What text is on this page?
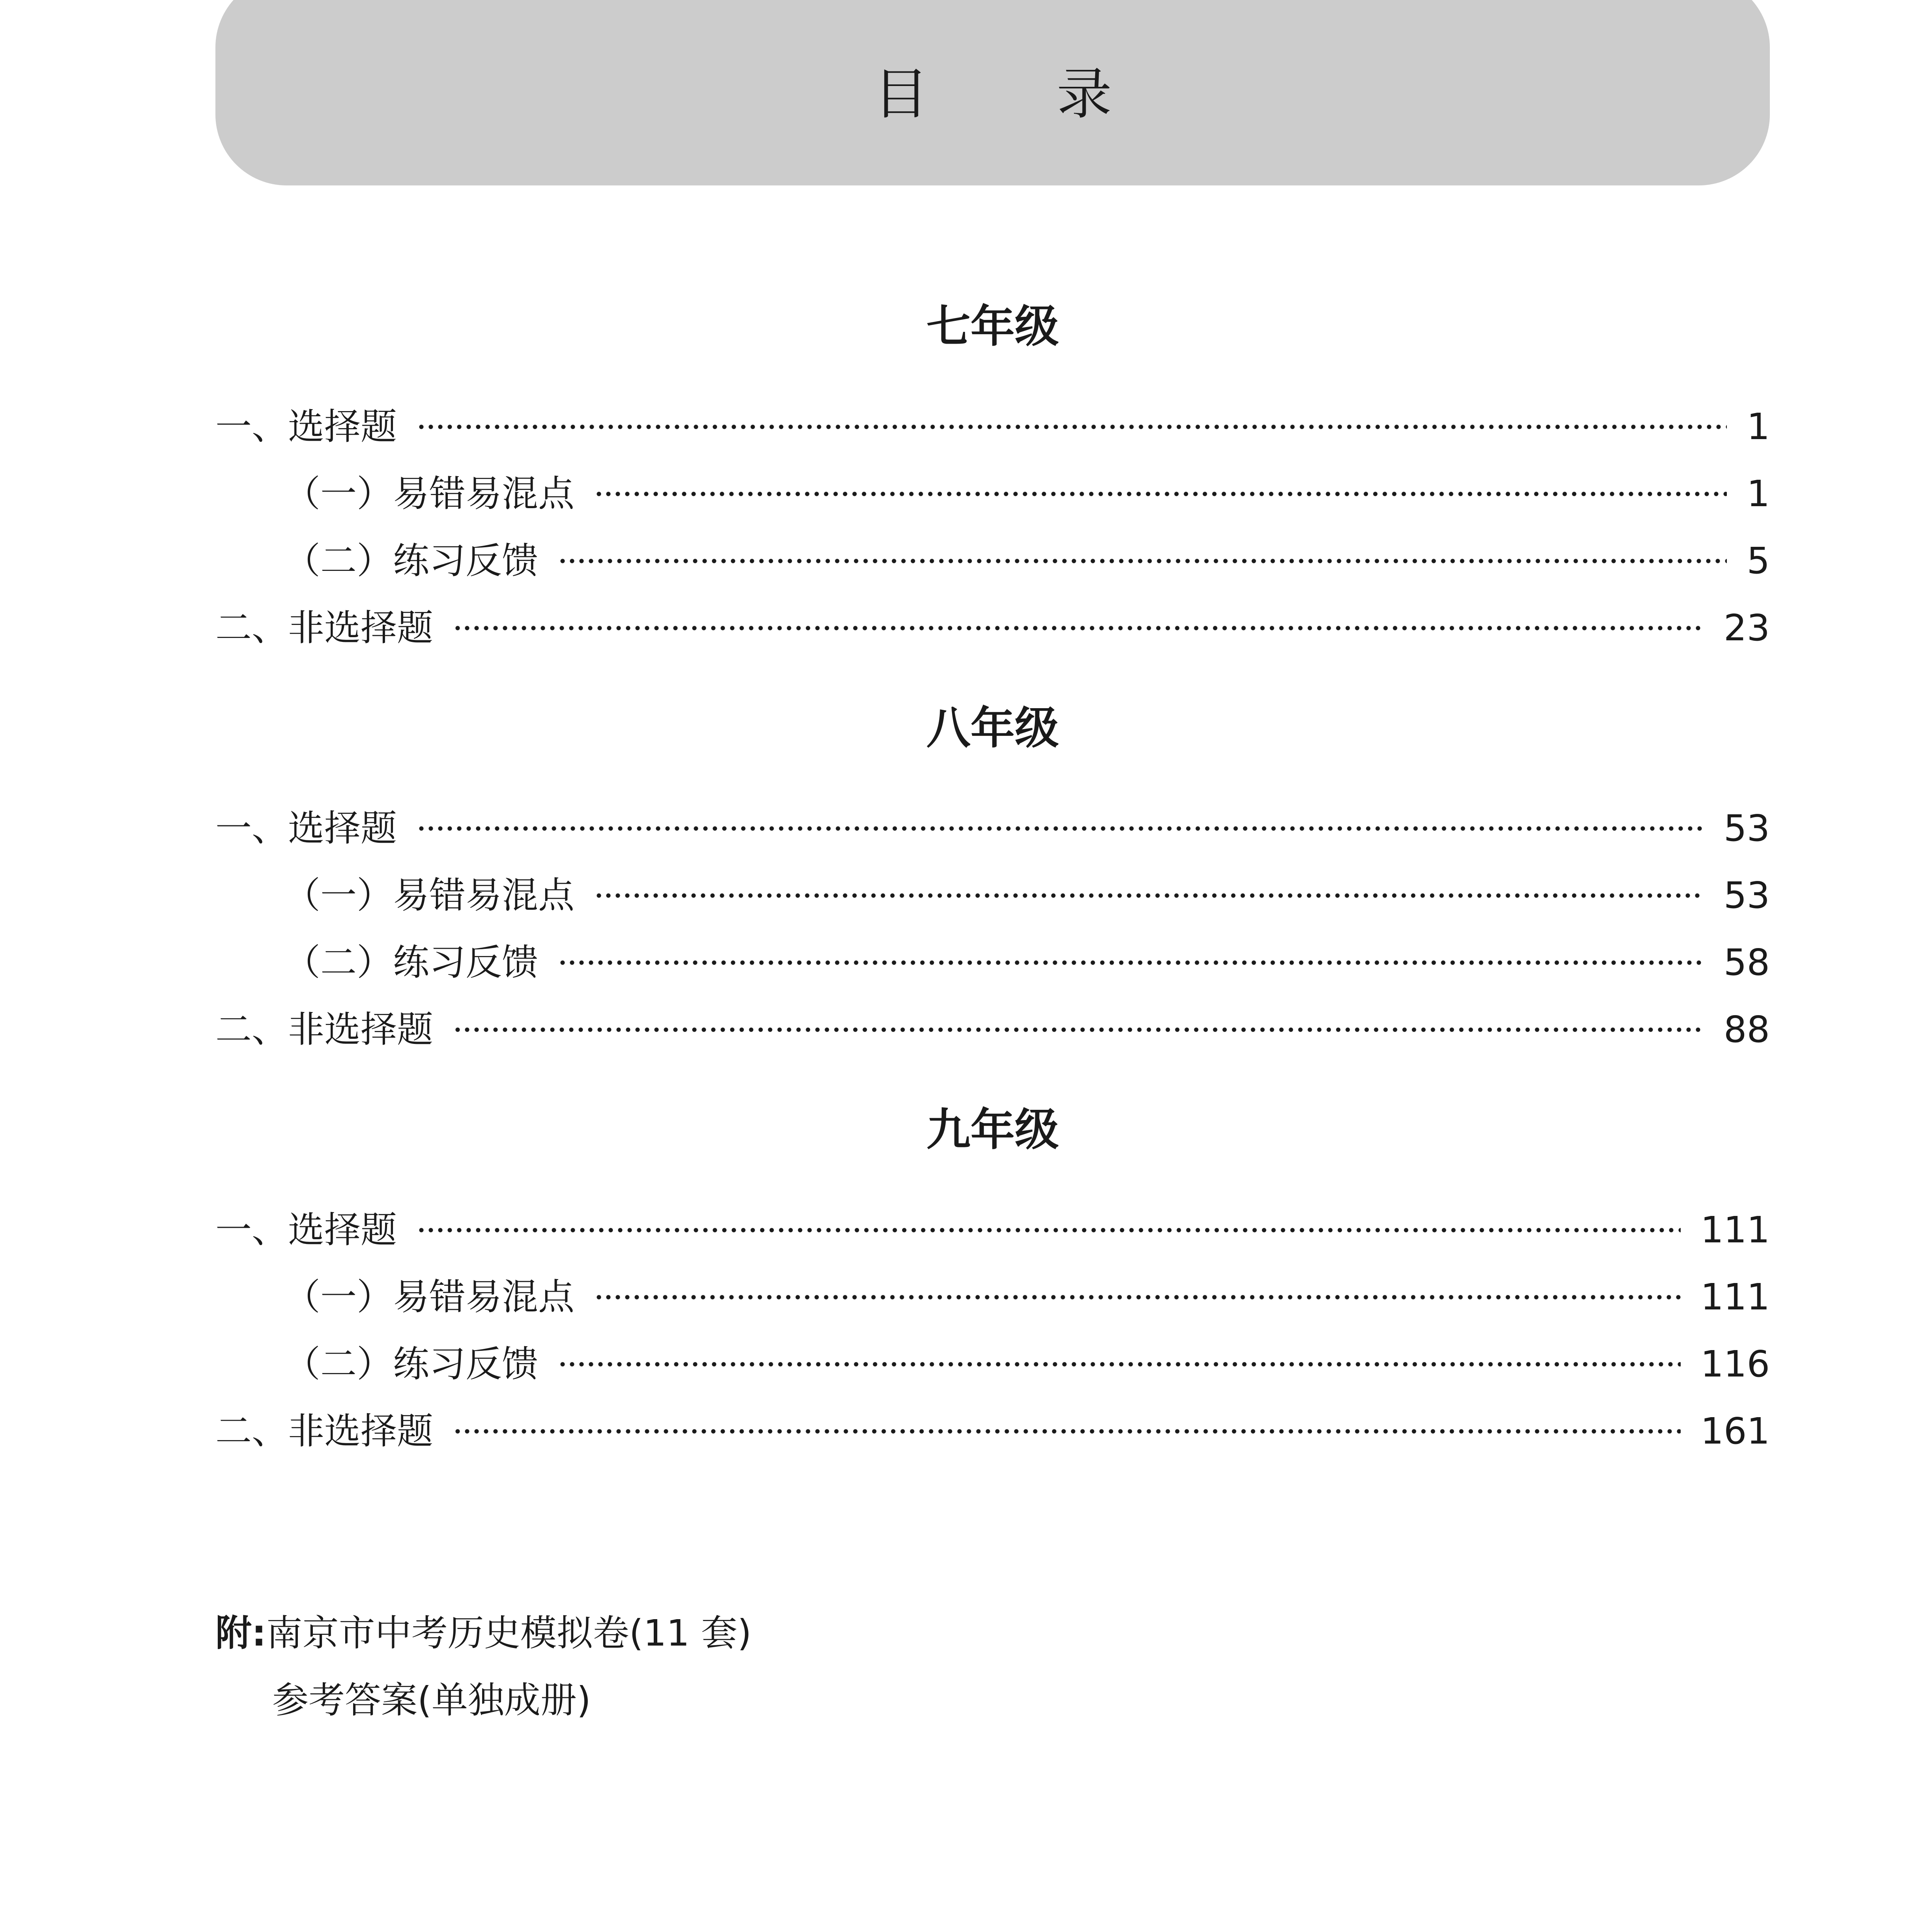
目 录
七年级
一、选择题	1
（一）易错易混点	1
（二）练习反馈	5
二、非选择题	23
八年级
一、选择题	53
（一）易错易混点	53
（二）练习反馈	58
二、非选择题	88
九年级
一、选择题	111
（一）易错易混点	111
（二）练习反馈	116
二、非选择题	161
附:南京市中考历史模拟卷(11 套)
参考答案(单独成册)
